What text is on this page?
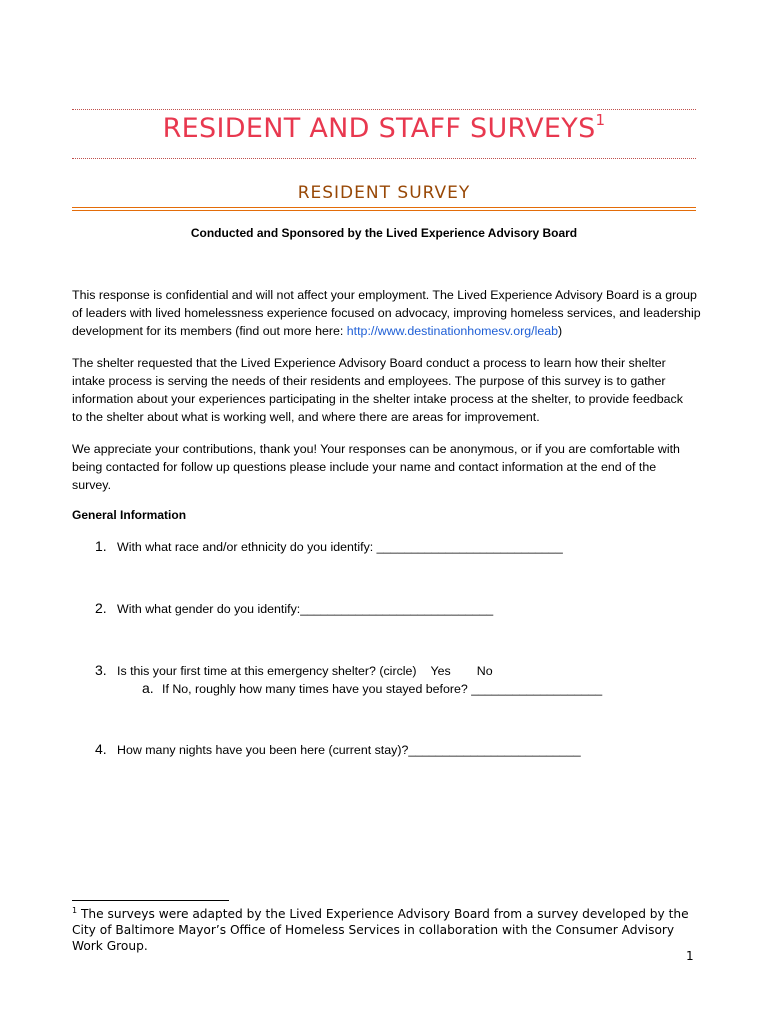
RESIDENT AND STAFF SURVEYS$^1$
RESIDENT SURVEY
Conducted and Sponsored by the Lived Experience Advisory Board

This response is confidential and will not affect your employment. The Lived Experience Advisory Board is a group of leaders with lived homelessness experience focused on advocacy, improving homeless services, and leadership development for its members (find out more here: http://www.destinationhomesv.org/leab)

The shelter requested that the Lived Experience Advisory Board conduct a process to learn how their shelter intake process is serving the needs of their residents and employees. The purpose of this survey is to gather information about your experiences participating in the shelter intake process at the shelter, to provide feedback to the shelter about what is working well, and where there are areas for improvement.

We appreciate your contributions, thank you! Your responses can be anonymous, or if you are comfortable with being contacted for follow up questions please include your name and contact information at the end of the survey.

General Information
1. With what race and/or ethnicity do you identify: ___________________________
2. With what gender do you identify:____________________________
3. Is this your first time at this emergency shelter? (circle) Yes No
a. If No, roughly how many times have you stayed before? ___________________
4. How many nights have you been here (current stay)?_________________________
$^1$ The surveys were adapted by the Lived Experience Advisory Board from a survey developed by the City of Baltimore Mayor’s Office of Homeless Services in collaboration with the Consumer Advisory Work Group.
1
